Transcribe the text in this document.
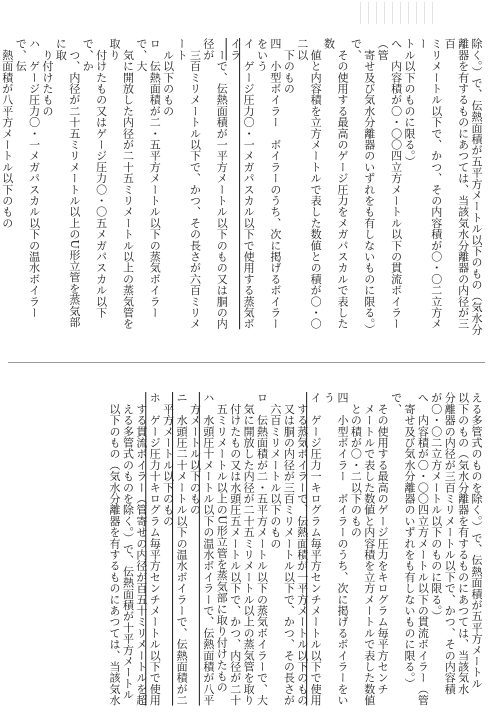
除く。）で、伝熱面積が五平方メートル以下のもの（気水分
離器を有するものにあつては、当該気水分離器の内径が三百
ミリメートル以下で、かつ、その内容積が〇・〇二立方メー
トル以下のものに限る。）
へ　内容積が〇・〇〇四立方メートル以下の貫流ボイラー（管
　寄せ及び気水分離器のいずれをも有しないものに限る。）で、
　その使用する最高のゲージ圧力をメガパスカルで表した数
　値と内容積を立方メートルで表した数値との積が〇・〇二以
　下のもの
四　小型ボイラー　ボイラーのうち、次に掲げるボイラーをいう
イ　ゲージ圧力〇・一メガパスカル以下で使用する蒸気ボイラ
　ーで、伝熱面積が一平方メートル以下のもの又は胴の内径が
　三百ミリメートル以下で、かつ、その長さが六百ミリメート
　ル以下のもの
ロ　伝熱面積が二・五平方メートル以下の蒸気ボイラーで、大
　気に開放した内径が二十五ミリメートル以上の蒸気管を取り
　付けたもの又はゲージ圧力〇・〇五メガパスカル以下で、か
　つ、内径が二十五ミリメートル以上のU形立管を蒸気部に取
　り付けたもの
ハ　ゲージ圧力〇・一メガパスカル以下の温水ボイラーで、伝
　熱面積が八平方メートル以下のもの
える多管式のものを除く。）で、伝熱面積が五平方メートル
以下のもの（気水分離器を有するものにあつては、当該気水
分離器の内径が三百ミリメートル以下で、かつ、その内容積
が〇・〇二立方メートル以下のものに限る。）
へ　内容積が〇・〇〇四立方メートル以下の貫流ボイラー（管
　寄せ及び気水分離器のいずれをも有しないものに限る。）で、
　その使用する最高のゲージ圧力をキログラム毎平方センチ
　メートルで表した数値と内容積を立方メートルで表した数値
　との積が〇・二以下のもの
四　小型ボイラー　ボイラーのうち、次に掲げるボイラーをいう
イ　ゲージ圧力一キログラム毎平方センチメートル以下で使用
　する蒸気ボイラーで、伝熱面積が一平方メートル以下のもの
　又は胴の内径が三百ミリメートル以下で、かつ、その長さが
　六百ミリメートル以下のもの
ロ　伝熱面積が二・五平方メートル以下の蒸気ボイラーで、大
　気に開放した内径が二十五ミリメートル以上の蒸気管を取り
　付けたもの又は水頭圧五メートル以下で、かつ、内径が二十
　五ミリメートル以上のU形立管を蒸気部に取り付けたもの
ハ　水頭圧十メートル以下の温水ボイラーで、伝熱面積が八平
　方メートル以下のもの
ニ　水頭圧二十メートル以下の温水ボイラーで、伝熱面積が二
　平方メートル以下のもの
ホ　ゲージ圧力十キログラム毎平方センチメートル以下で使用
　する貫流ボイラー（管寄せの内径が百五十ミリメートルを超
　える多管式のものを除く。）で、伝熱面積が十平方メートル
　以下のもの（気水分離器を有するものにあつては、当該気水
